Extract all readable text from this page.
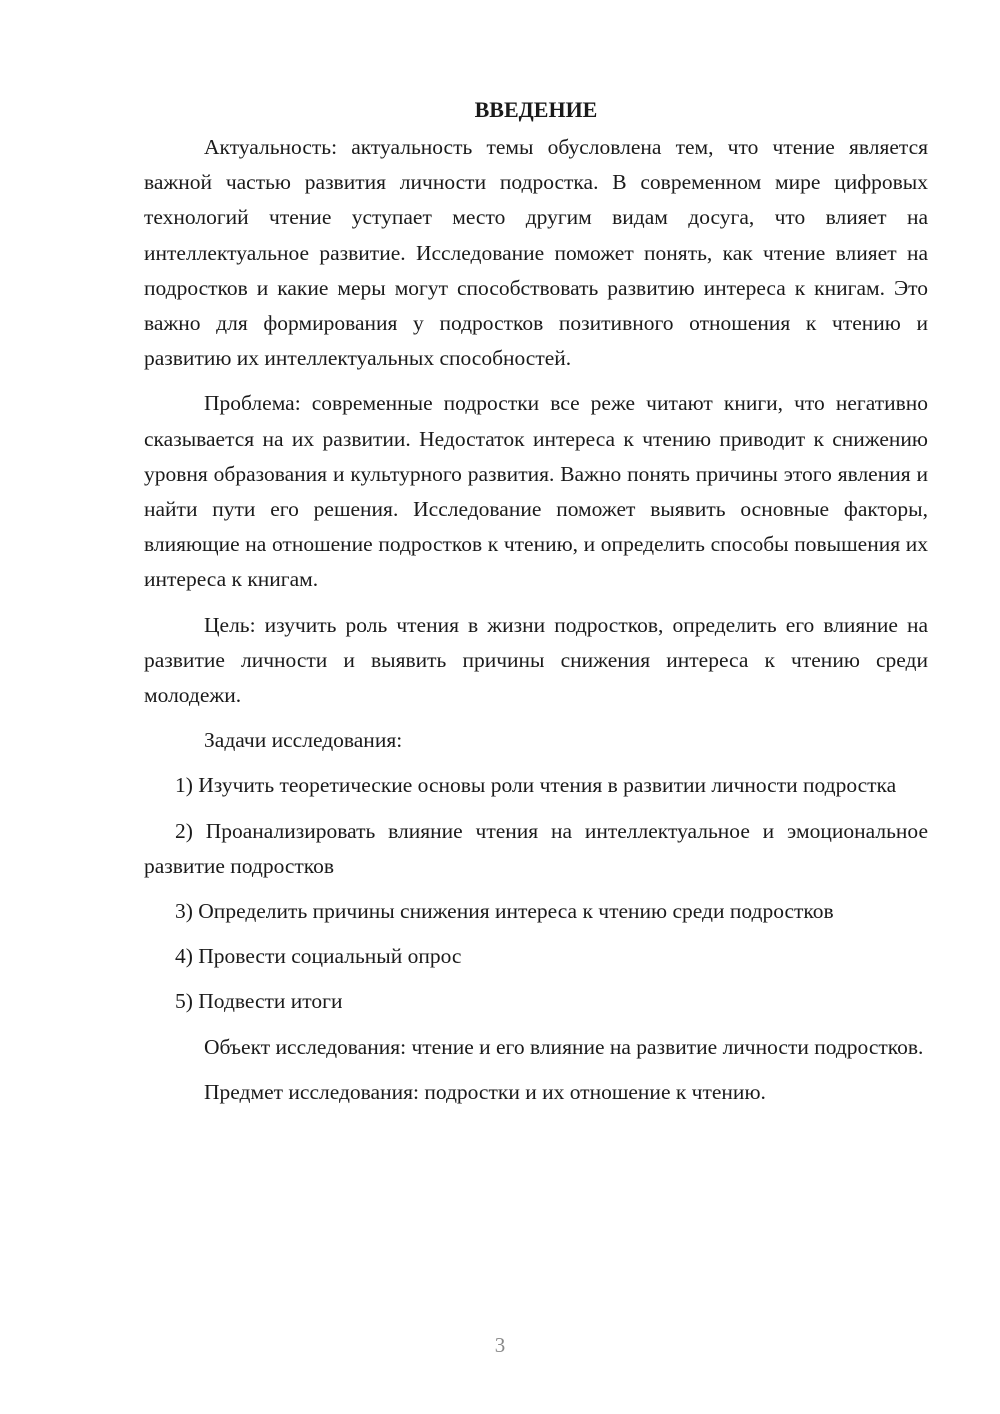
ВВЕДЕНИЕ

Актуальность: актуальность темы обусловлена тем, что чтение является важной частью развития личности подростка. В современном мире цифровых технологий чтение уступает место другим видам досуга, что влияет на интеллектуальное развитие. Исследование поможет понять, как чтение влияет на подростков и какие меры могут способствовать развитию интереса к книгам. Это важно для формирования у подростков позитивного отношения к чтению и развитию их интеллектуальных способностей.

Проблема: современные подростки все реже читают книги, что негативно сказывается на их развитии. Недостаток интереса к чтению приводит к снижению уровня образования и культурного развития. Важно понять причины этого явления и найти пути его решения. Исследование поможет выявить основные факторы, влияющие на отношение подростков к чтению, и определить способы повышения их интереса к книгам.

Цель: изучить роль чтения в жизни подростков, определить его влияние на развитие личности и выявить причины снижения интереса к чтению среди молодежи.

Задачи исследования:

1) Изучить теоретические основы роли чтения в развитии личности подростка

2) Проанализировать влияние чтения на интеллектуальное и эмоциональное развитие подростков

3) Определить причины снижения интереса к чтению среди подростков

4) Провести социальный опрос

5) Подвести итоги

Объект исследования: чтение и его влияние на развитие личности подростков.

Предмет исследования: подростки и их отношение к чтению.

3
